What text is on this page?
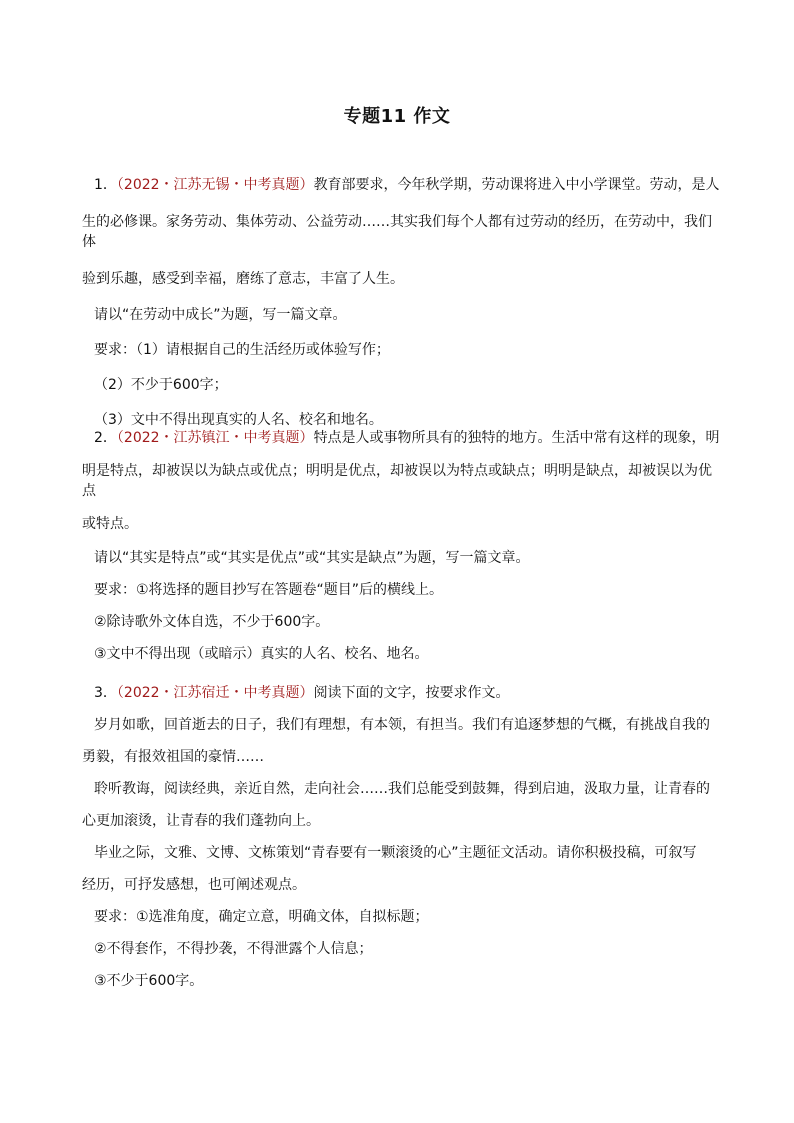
专题11 作文

1．（2022・江苏无锡・中考真题）教育部要求，今年秋学期，劳动课将进入中小学课堂。劳动，是人

生的必修课。家务劳动、集体劳动、公益劳动……其实我们每个人都有过劳动的经历，在劳动中，我们体

验到乐趣，感受到幸福，磨练了意志，丰富了人生。

请以“在劳动中成长”为题，写一篇文章。

要求：（1）请根据自己的生活经历或体验写作；

（2）不少于600字；

（3）文中不得出现真实的人名、校名和地名。

2．（2022・江苏镇江・中考真题）特点是人或事物所具有的独特的地方。生活中常有这样的现象，明

明是特点，却被误以为缺点或优点；明明是优点，却被误以为特点或缺点；明明是缺点，却被误以为优点

或特点。

请以“其实是特点”或“其实是优点”或“其实是缺点”为题，写一篇文章。

要求：①将选择的题目抄写在答题卷“题目”后的横线上。

②除诗歌外文体自选，不少于600字。

③文中不得出现（或暗示）真实的人名、校名、地名。

3．（2022・江苏宿迁・中考真题）阅读下面的文字，按要求作文。

岁月如歌，回首逝去的日子，我们有理想，有本领，有担当。我们有追逐梦想的气概，有挑战自我的

勇毅，有报效祖国的豪情……

聆听教诲，阅读经典，亲近自然，走向社会……我们总能受到鼓舞，得到启迪，汲取力量，让青春的

心更加滚烫，让青春的我们蓬勃向上。

毕业之际，文雅、文博、文栋策划“青春要有一颗滚烫的心”主题征文活动。请你积极投稿，可叙写

经历，可抒发感想，也可阐述观点。

要求：①选准角度，确定立意，明确文体，自拟标题；

②不得套作，不得抄袭，不得泄露个人信息；

③不少于600字。
